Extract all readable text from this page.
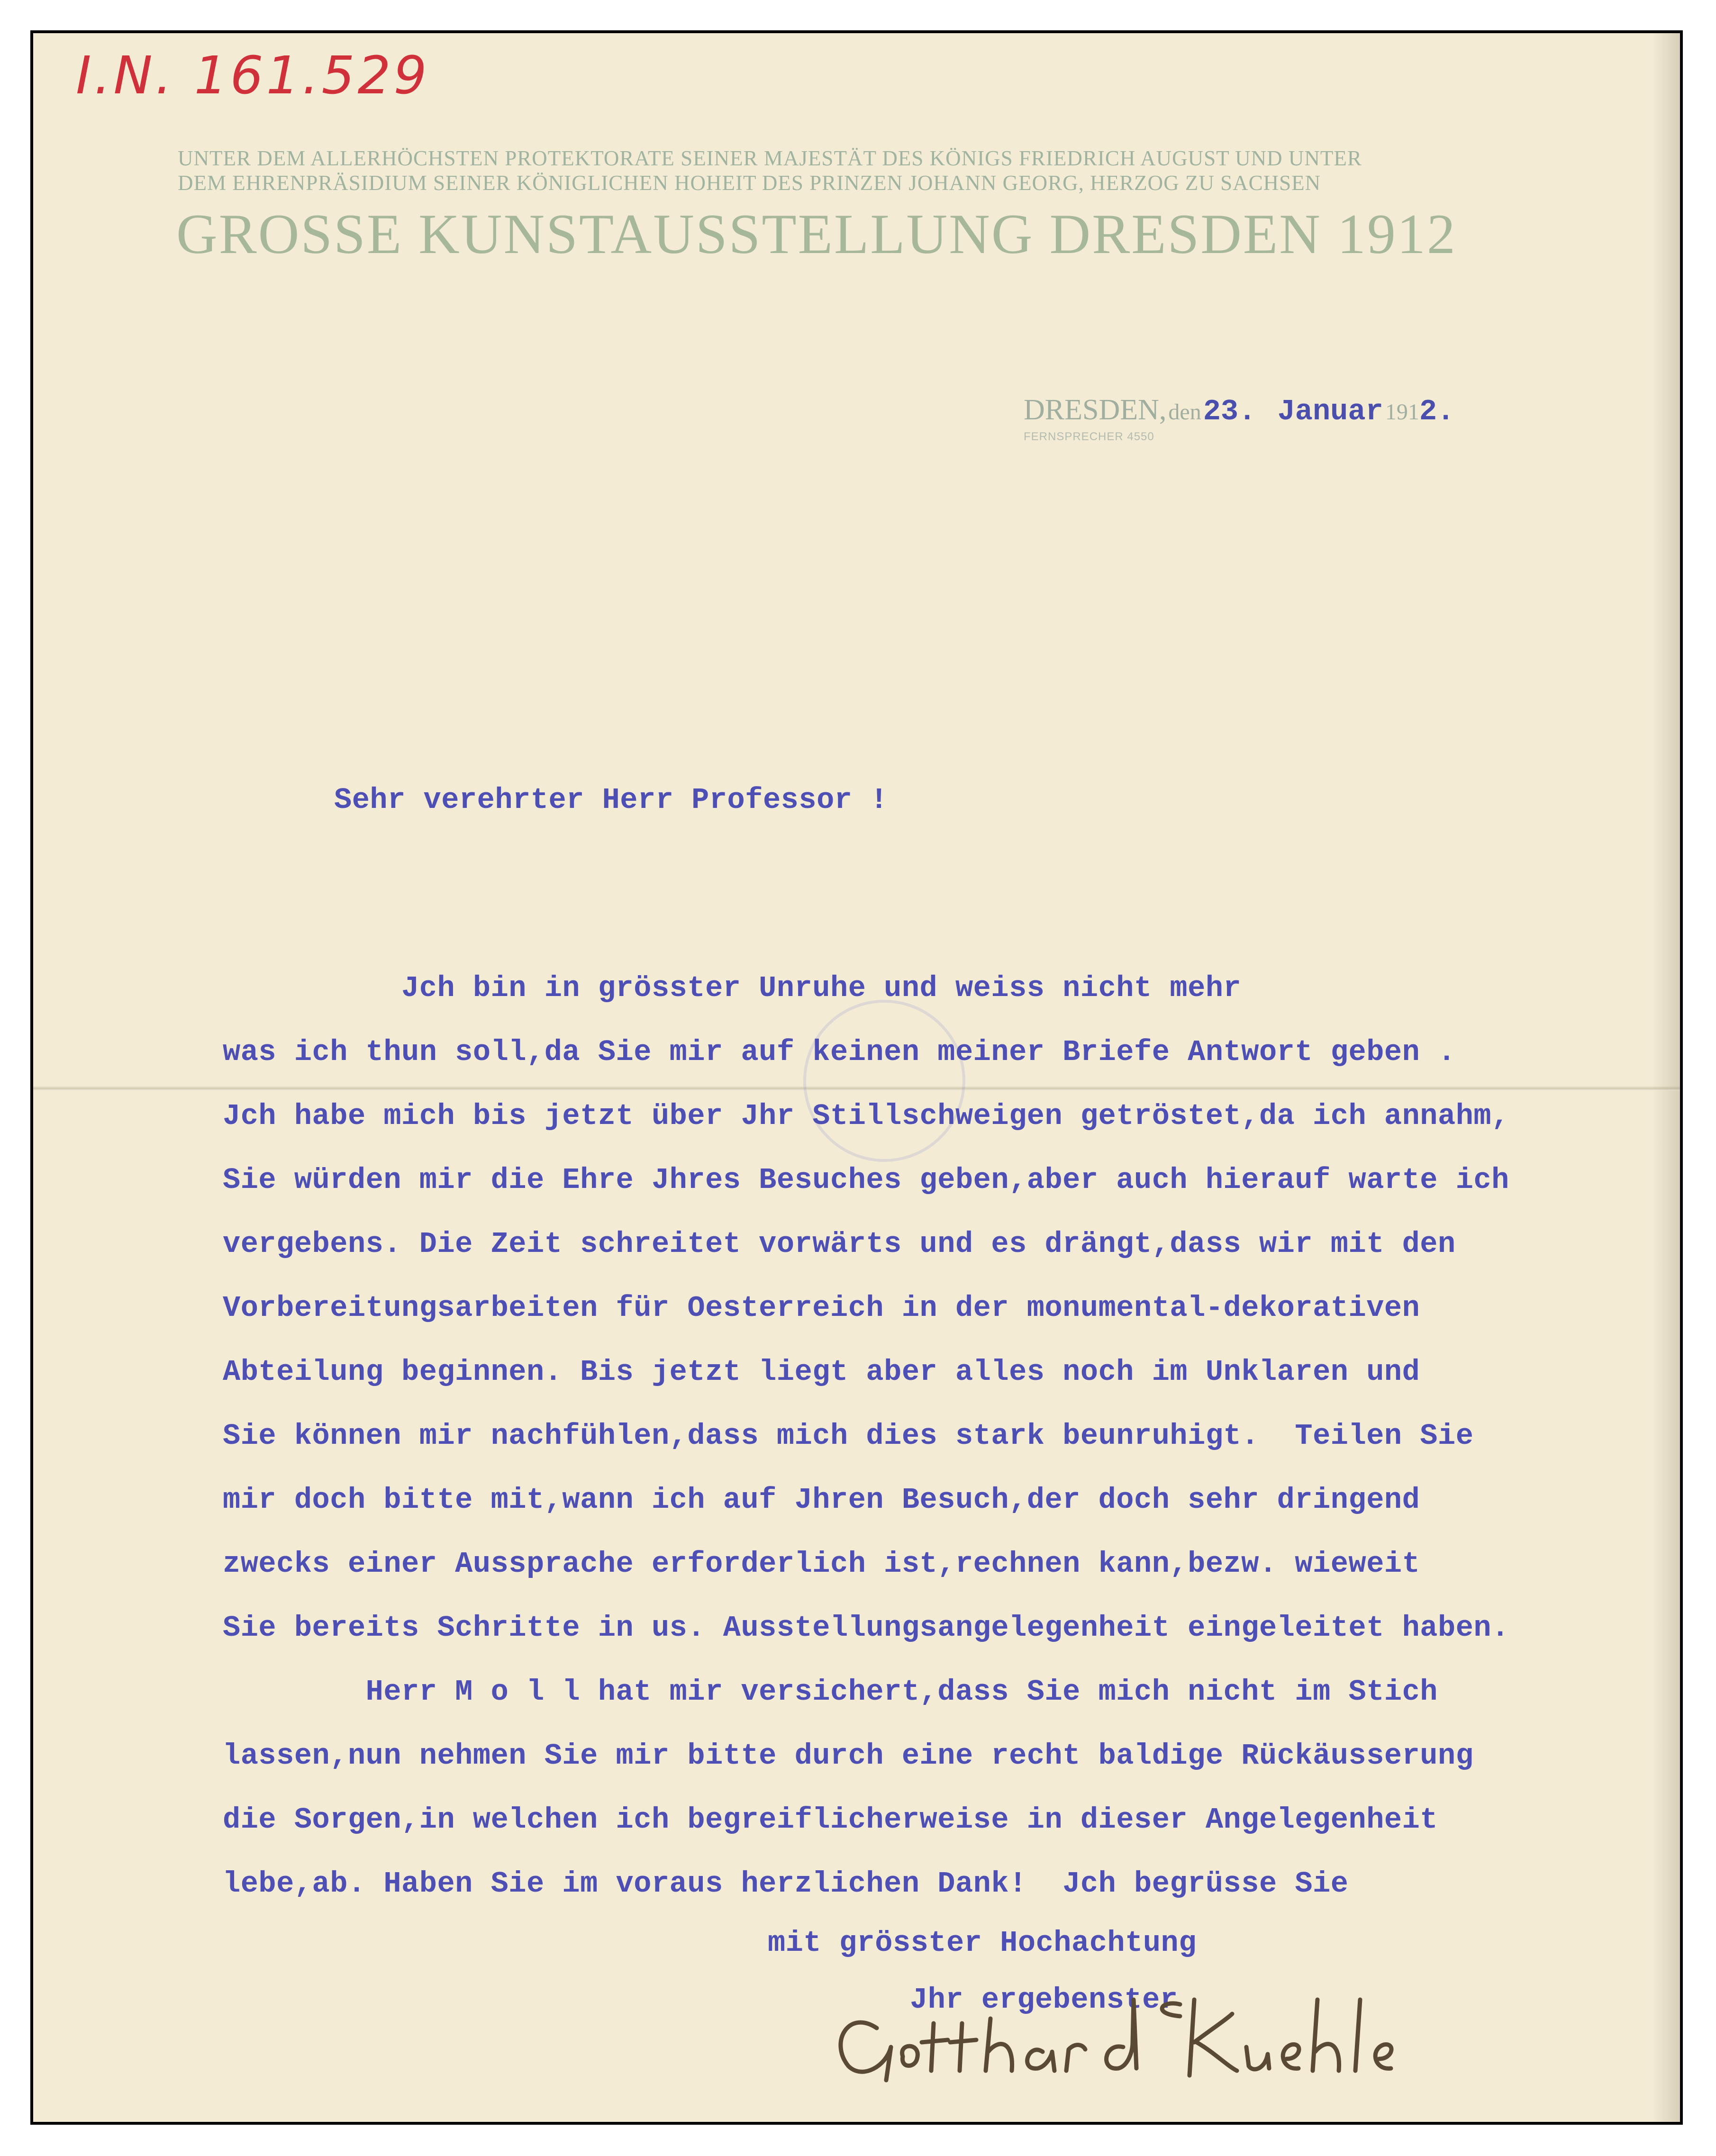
I.N. 161.529
UNTER DEM ALLERHÖCHSTEN PROTEKTORATE SEINER MAJESTÄT DES KÖNIGS FRIEDRICH AUGUST UND UNTER
DEM EHRENPRÄSIDIUM SEINER KÖNIGLICHEN HOHEIT DES PRINZEN JOHANN GEORG, HERZOG ZU SACHSEN
GROSSE KUNSTAUSSTELLUNG DRESDEN 1912
DRESDEN, den 23. Januar 1912.
FERNSPRECHER 4550
Sehr verehrter Herr Professor !
Jch bin in grösster Unruhe und weiss nicht mehr
was ich thun soll,da Sie mir auf keinen meiner Briefe Antwort geben .
Jch habe mich bis jetzt über Jhr Stillschweigen getröstet,da ich annahm,
Sie würden mir die Ehre Jhres Besuches geben,aber auch hierauf warte ich
vergebens. Die Zeit schreitet vorwärts und es drängt,dass wir mit den
Vorbereitungsarbeiten für Oesterreich in der monumental-dekorativen
Abteilung beginnen. Bis jetzt liegt aber alles noch im Unklaren und
Sie können mir nachfühlen,dass mich dies stark beunruhigt.  Teilen Sie
mir doch bitte mit,wann ich auf Jhren Besuch,der doch sehr dringend
zwecks einer Aussprache erforderlich ist,rechnen kann,bezw. wieweit
Sie bereits Schritte in us. Ausstellungsangelegenheit eingeleitet haben.
Herr M o l l hat mir versichert,dass Sie mich nicht im Stich
lassen,nun nehmen Sie mir bitte durch eine recht baldige Rückäusserung
die Sorgen,in welchen ich begreiflicherweise in dieser Angelegenheit
lebe,ab. Haben Sie im voraus herzlichen Dank!  Jch begrüsse Sie
mit grösster Hochachtung
Jhr ergebenster
